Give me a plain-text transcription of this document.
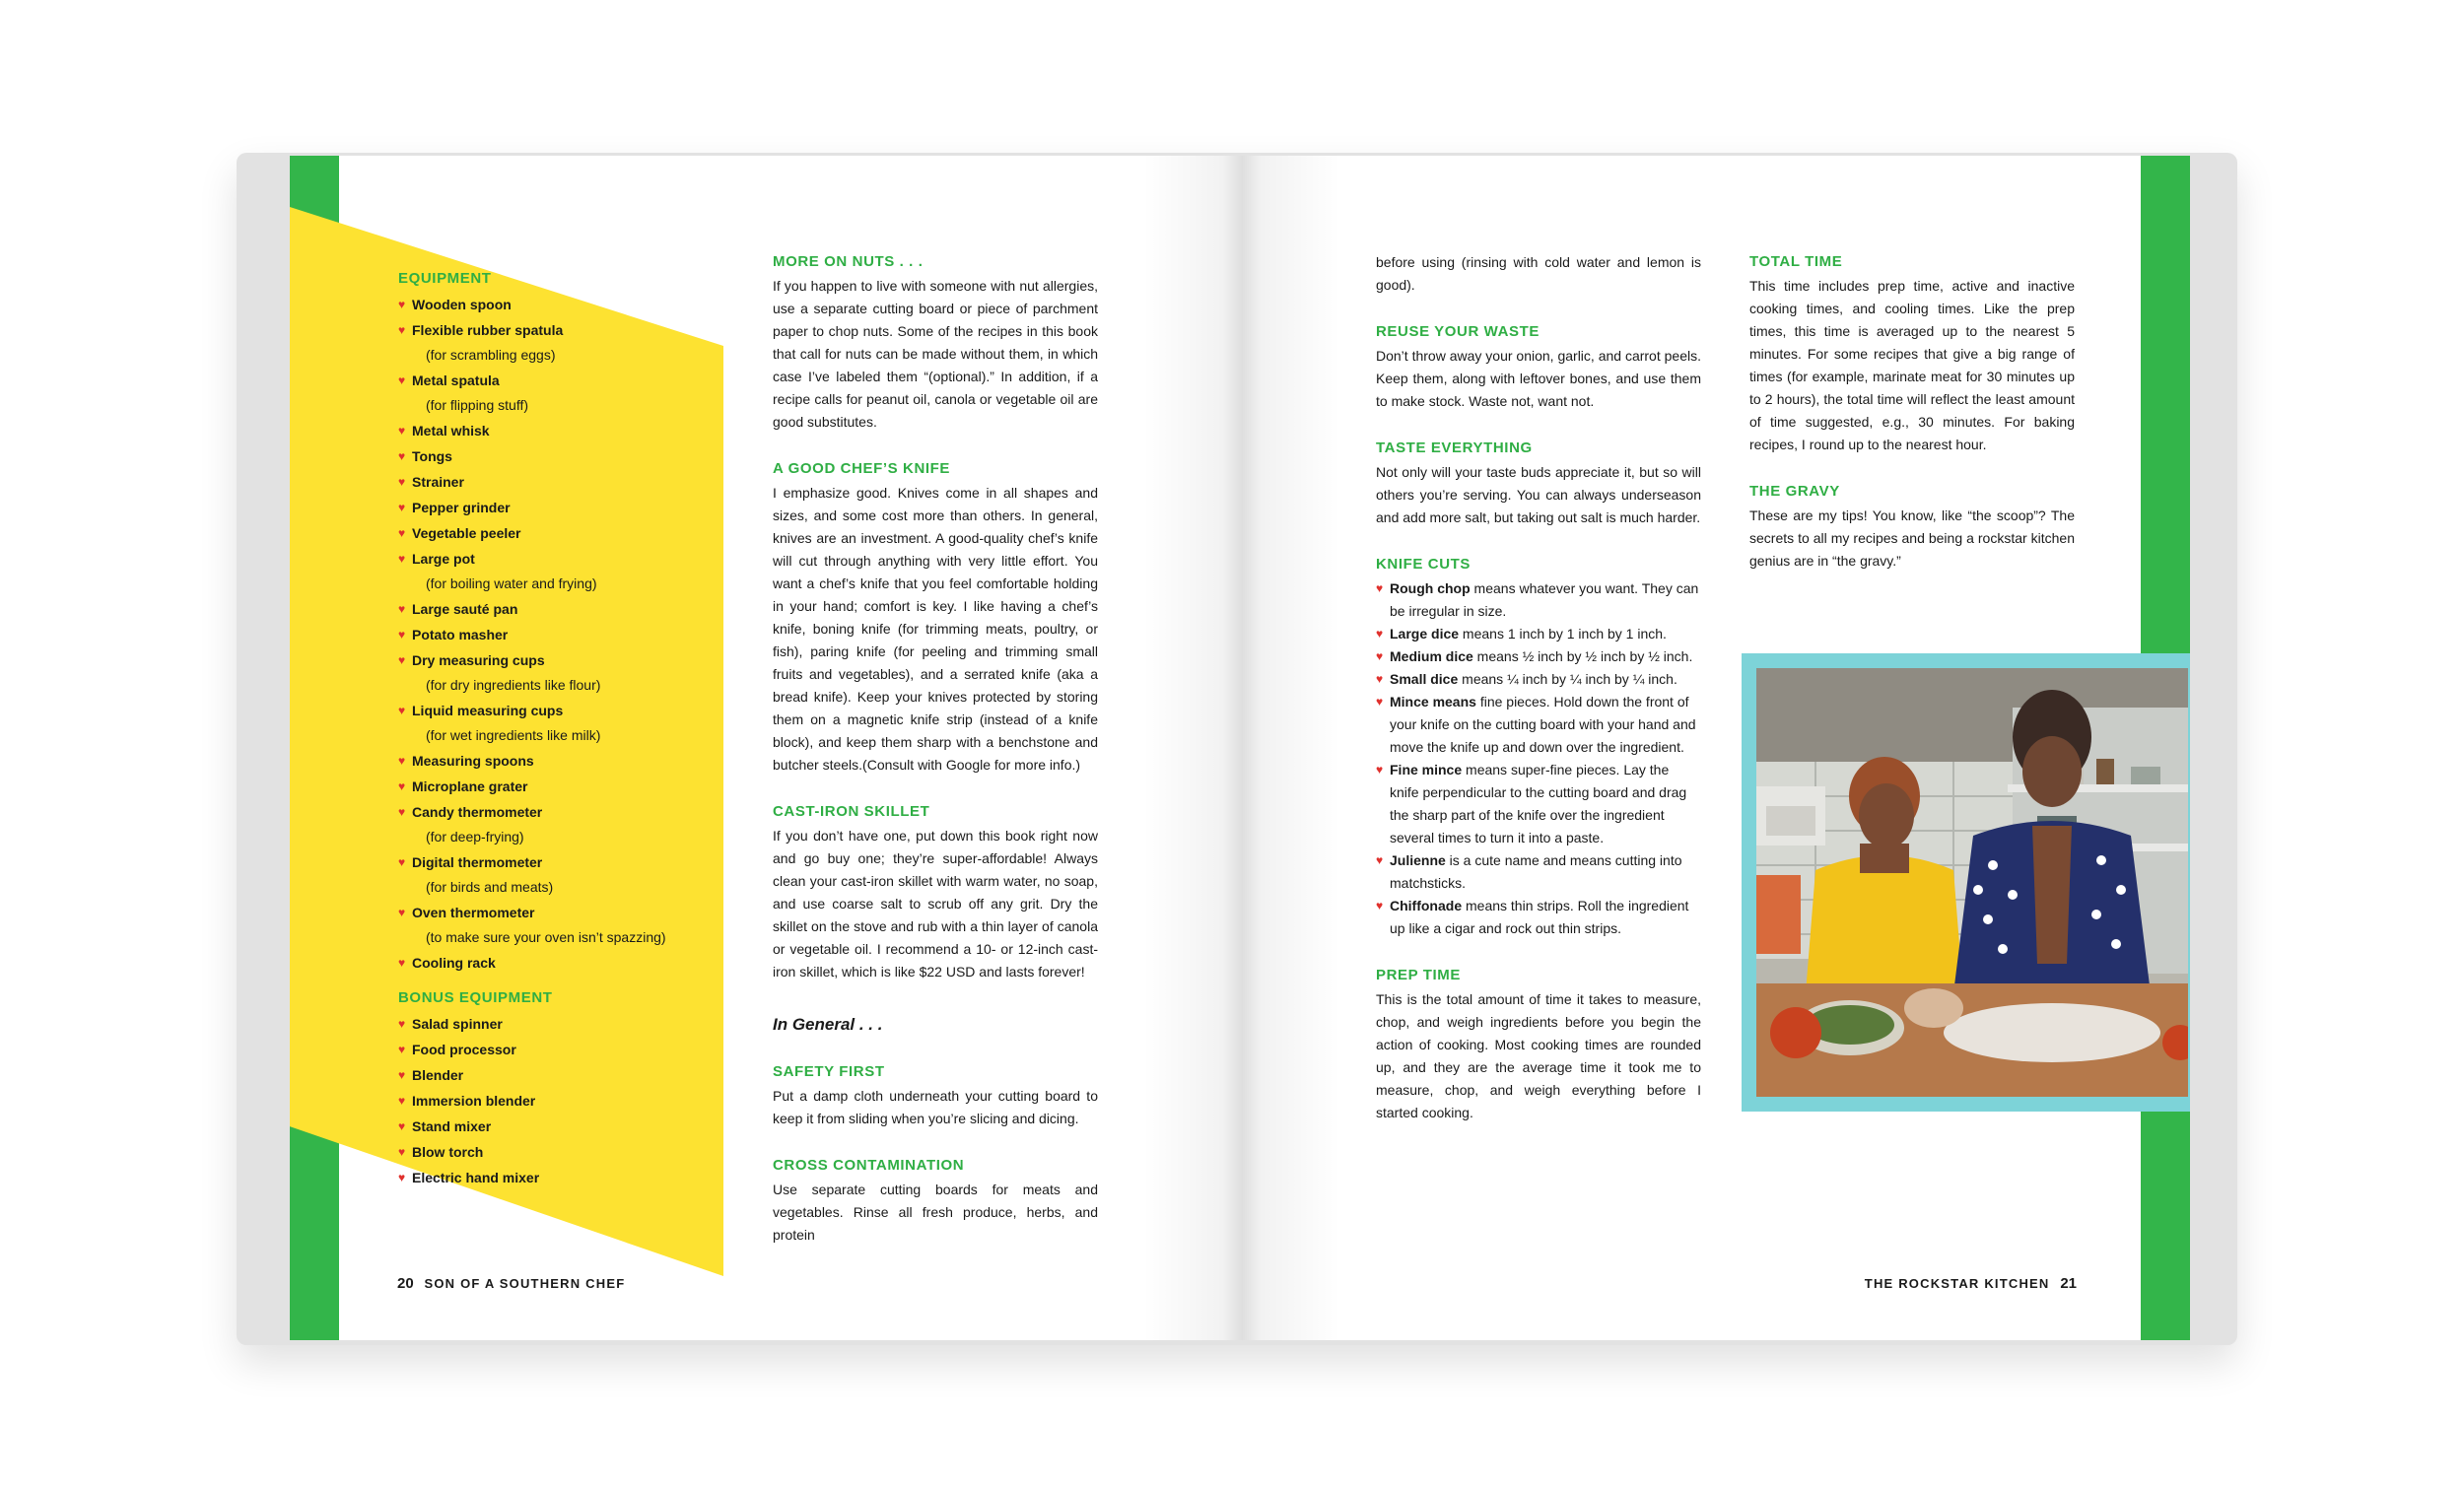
EQUIPMENT
♥ Wooden spoon
♥ Flexible rubber spatula
(for scrambling eggs)
♥ Metal spatula
(for flipping stuff)
♥ Metal whisk
♥ Tongs
♥ Strainer
♥ Pepper grinder
♥ Vegetable peeler
♥ Large pot
(for boiling water and frying)
♥ Large sauté pan
♥ Potato masher
♥ Dry measuring cups
(for dry ingredients like flour)
♥ Liquid measuring cups
(for wet ingredients like milk)
♥ Measuring spoons
♥ Microplane grater
♥ Candy thermometer
(for deep-frying)
♥ Digital thermometer
(for birds and meats)
♥ Oven thermometer
(to make sure your oven isn’t spazzing)
♥ Cooling rack
BONUS EQUIPMENT
♥ Salad spinner
♥ Food processor
♥ Blender
♥ Immersion blender
♥ Stand mixer
♥ Blow torch
♥ Electric hand mixer
MORE ON NUTS . . .

If you happen to live with someone with nut allergies, use a separate cutting board or piece of parchment paper to chop nuts. Some of the recipes in this book that call for nuts can be made without them, in which case I’ve labeled them “(optional).” In addition, if a recipe calls for peanut oil, canola or vegetable oil are good substitutes.

A GOOD CHEF’S KNIFE

I emphasize good. Knives come in all shapes and sizes, and some cost more than others. In general, knives are an investment. A good-quality chef’s knife will cut through anything with very little effort. You want a chef’s knife that you feel comfortable holding in your hand; comfort is key. I like having a chef’s knife, boning knife (for trimming meats, poultry, or fish), paring knife (for peeling and trimming small fruits and vegetables), and a serrated knife (aka a bread knife). Keep your knives protected by storing them on a magnetic knife strip (instead of a knife block), and keep them sharp with a benchstone and butcher steels.(Consult with Google for more info.)

CAST-IRON SKILLET

If you don’t have one, put down this book right now and go buy one; they’re super-affordable! Always clean your cast-iron skillet with warm water, no soap, and use coarse salt to scrub off any grit. Dry the skillet on the stove and rub with a thin layer of canola or vegetable oil. I recommend a 10- or 12-inch cast-iron skillet, which is like $22 USD and lasts forever!

In General . . .
SAFETY FIRST

Put a damp cloth underneath your cutting board to keep it from sliding when you’re slicing and dicing.

CROSS CONTAMINATION

Use separate cutting boards for meats and vegetables. Rinse all fresh produce, herbs, and protein

before using (rinsing with cold water and lemon is good).

REUSE YOUR WASTE

Don’t throw away your onion, garlic, and carrot peels. Keep them, along with leftover bones, and use them to make stock. Waste not, want not.

TASTE EVERYTHING

Not only will your taste buds appreciate it, but so will others you’re serving. You can always underseason and add more salt, but taking out salt is much harder.

KNIFE CUTS
♥ Rough chop means whatever you want. They can be irregular in size.
♥ Large dice means 1 inch by 1 inch by 1 inch.
♥ Medium dice means ½ inch by ½ inch by ½ inch.
♥ Small dice means ¼ inch by ¼ inch by ¼ inch.
♥ Mince means fine pieces. Hold down the front of your knife on the cutting board with your hand and move the knife up and down over the ingredient.
♥ Fine mince means super-fine pieces. Lay the knife perpendicular to the cutting board and drag the sharp part of the knife over the ingredient several times to turn it into a paste.
♥ Julienne is a cute name and means cutting into matchsticks.
♥ Chiffonade means thin strips. Roll the ingredient up like a cigar and rock out thin strips.
PREP TIME

This is the total amount of time it takes to measure, chop, and weigh ingredients before you begin the action of cooking. Most cooking times are rounded up, and they are the average time it took me to measure, chop, and weigh everything before I started cooking.

TOTAL TIME

This time includes prep time, active and inactive cooking times, and cooling times. Like the prep times, this time is averaged up to the nearest 5 minutes. For some recipes that give a big range of times (for example, marinate meat for 30 minutes up to 2 hours), the total time will reflect the least amount of time suggested, e.g., 30 minutes. For baking recipes, I round up to the nearest hour.

THE GRAVY

These are my tips! You know, like “the scoop”? The secrets to all my recipes and being a rockstar kitchen genius are in “the gravy.”

20 SON OF A SOUTHERN CHEF	THE ROCKSTAR KITCHEN 21
